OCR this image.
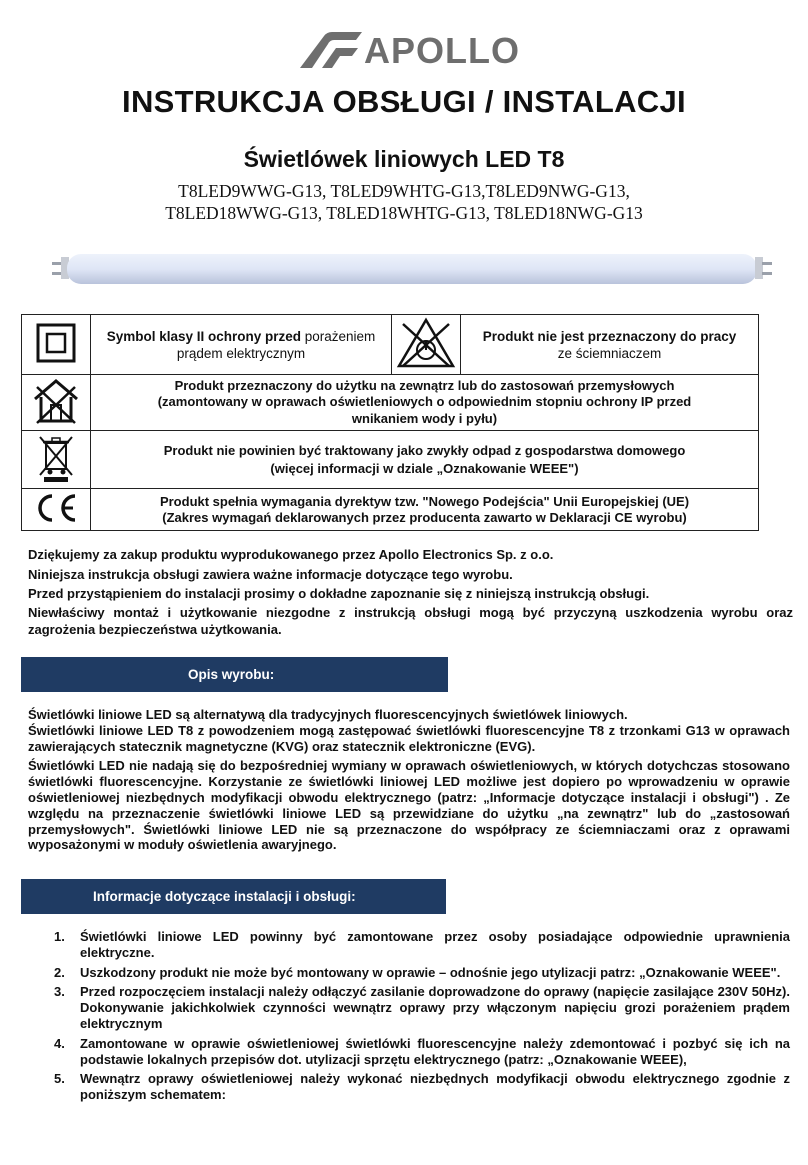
APOLLO
INSTRUKCJA OBSŁUGI / INSTALACJI
Świetlówek liniowych LED T8
T8LED9WWG-G13, T8LED9WHTG-G13,T8LED9NWG-G13,
T8LED18WWG-G13, T8LED18WHTG-G13, T8LED18NWG-G13
	Symbol klasy II ochrony przed porażeniem
prądem elektrycznym		Produkt nie jest przeznaczony do pracy
ze ściemniaczem
	Produkt przeznaczony do użytku na zewnątrz lub do zastosowań przemysłowych
(zamontowany w oprawach oświetleniowych o odpowiednim stopniu ochrony IP przed
wnikaniem wody i pyłu)		
	Produkt nie powinien być traktowany jako zwykły odpad z gospodarstwa domowego
(więcej informacji w dziale „Oznakowanie WEEE")		
	Produkt spełnia wymagania dyrektyw tzw. "Nowego Podejścia" Unii Europejskiej (UE)
(Zakres wymagań deklarowanych przez producenta zawarto w Deklaracji CE wyrobu)		

Dziękujemy za zakup produktu wyprodukowanego przez Apollo Electronics Sp. z o.o.

Niniejsza instrukcja obsługi zawiera ważne informacje dotyczące tego wyrobu.

Przed przystąpieniem do instalacji prosimy o dokładne zapoznanie się z niniejszą instrukcją obsługi.

Niewłaściwy montaż i użytkowanie niezgodne z instrukcją obsługi mogą być przyczyną uszkodzenia wyrobu oraz zagrożenia bezpieczeństwa użytkowania.

Opis wyrobu:

Świetlówki liniowe LED są alternatywą dla tradycyjnych fluorescencyjnych świetlówek liniowych.

Świetlówki liniowe LED T8 z powodzeniem mogą zastępować świetlówki fluorescencyjne T8 z trzonkami G13 w oprawach zawierających statecznik magnetyczne (KVG) oraz statecznik elektroniczne (EVG).

Świetlówki LED nie nadają się do bezpośredniej wymiany w oprawach oświetleniowych, w których dotychczas stosowano świetlówki fluorescencyjne. Korzystanie ze świetlówki liniowej LED możliwe jest dopiero po wprowadzeniu w oprawie oświetleniowej niezbędnych modyfikacji obwodu elektrycznego (patrz: „Informacje dotyczące instalacji i obsługi") . Ze względu na przeznaczenie świetlówki liniowe LED są przewidziane do użytku „na zewnątrz" lub do „zastosowań przemysłowych". Świetlówki liniowe LED nie są przeznaczone do współpracy ze ściemniaczami oraz z oprawami wyposażonymi w moduły oświetlenia awaryjnego.

Informacje dotyczące instalacji i obsługi:
1. Świetlówki liniowe LED powinny być zamontowane przez osoby posiadające odpowiednie uprawnienia elektryczne.
2. Uszkodzony produkt nie może być montowany w oprawie – odnośnie jego utylizacji patrz: „Oznakowanie WEEE".
3. Przed rozpoczęciem instalacji należy odłączyć zasilanie doprowadzone do oprawy (napięcie zasilające 230V 50Hz). Dokonywanie jakichkolwiek czynności wewnątrz oprawy przy włączonym napięciu grozi porażeniem prądem elektrycznym
4. Zamontowane w oprawie oświetleniowej świetlówki fluorescencyjne należy zdemontować i pozbyć się ich na podstawie lokalnych przepisów dot. utylizacji sprzętu elektrycznego (patrz: „Oznakowanie WEEE),
5. Wewnątrz oprawy oświetleniowej należy wykonać niezbędnych modyfikacji obwodu elektrycznego zgodnie z poniższym schematem:
